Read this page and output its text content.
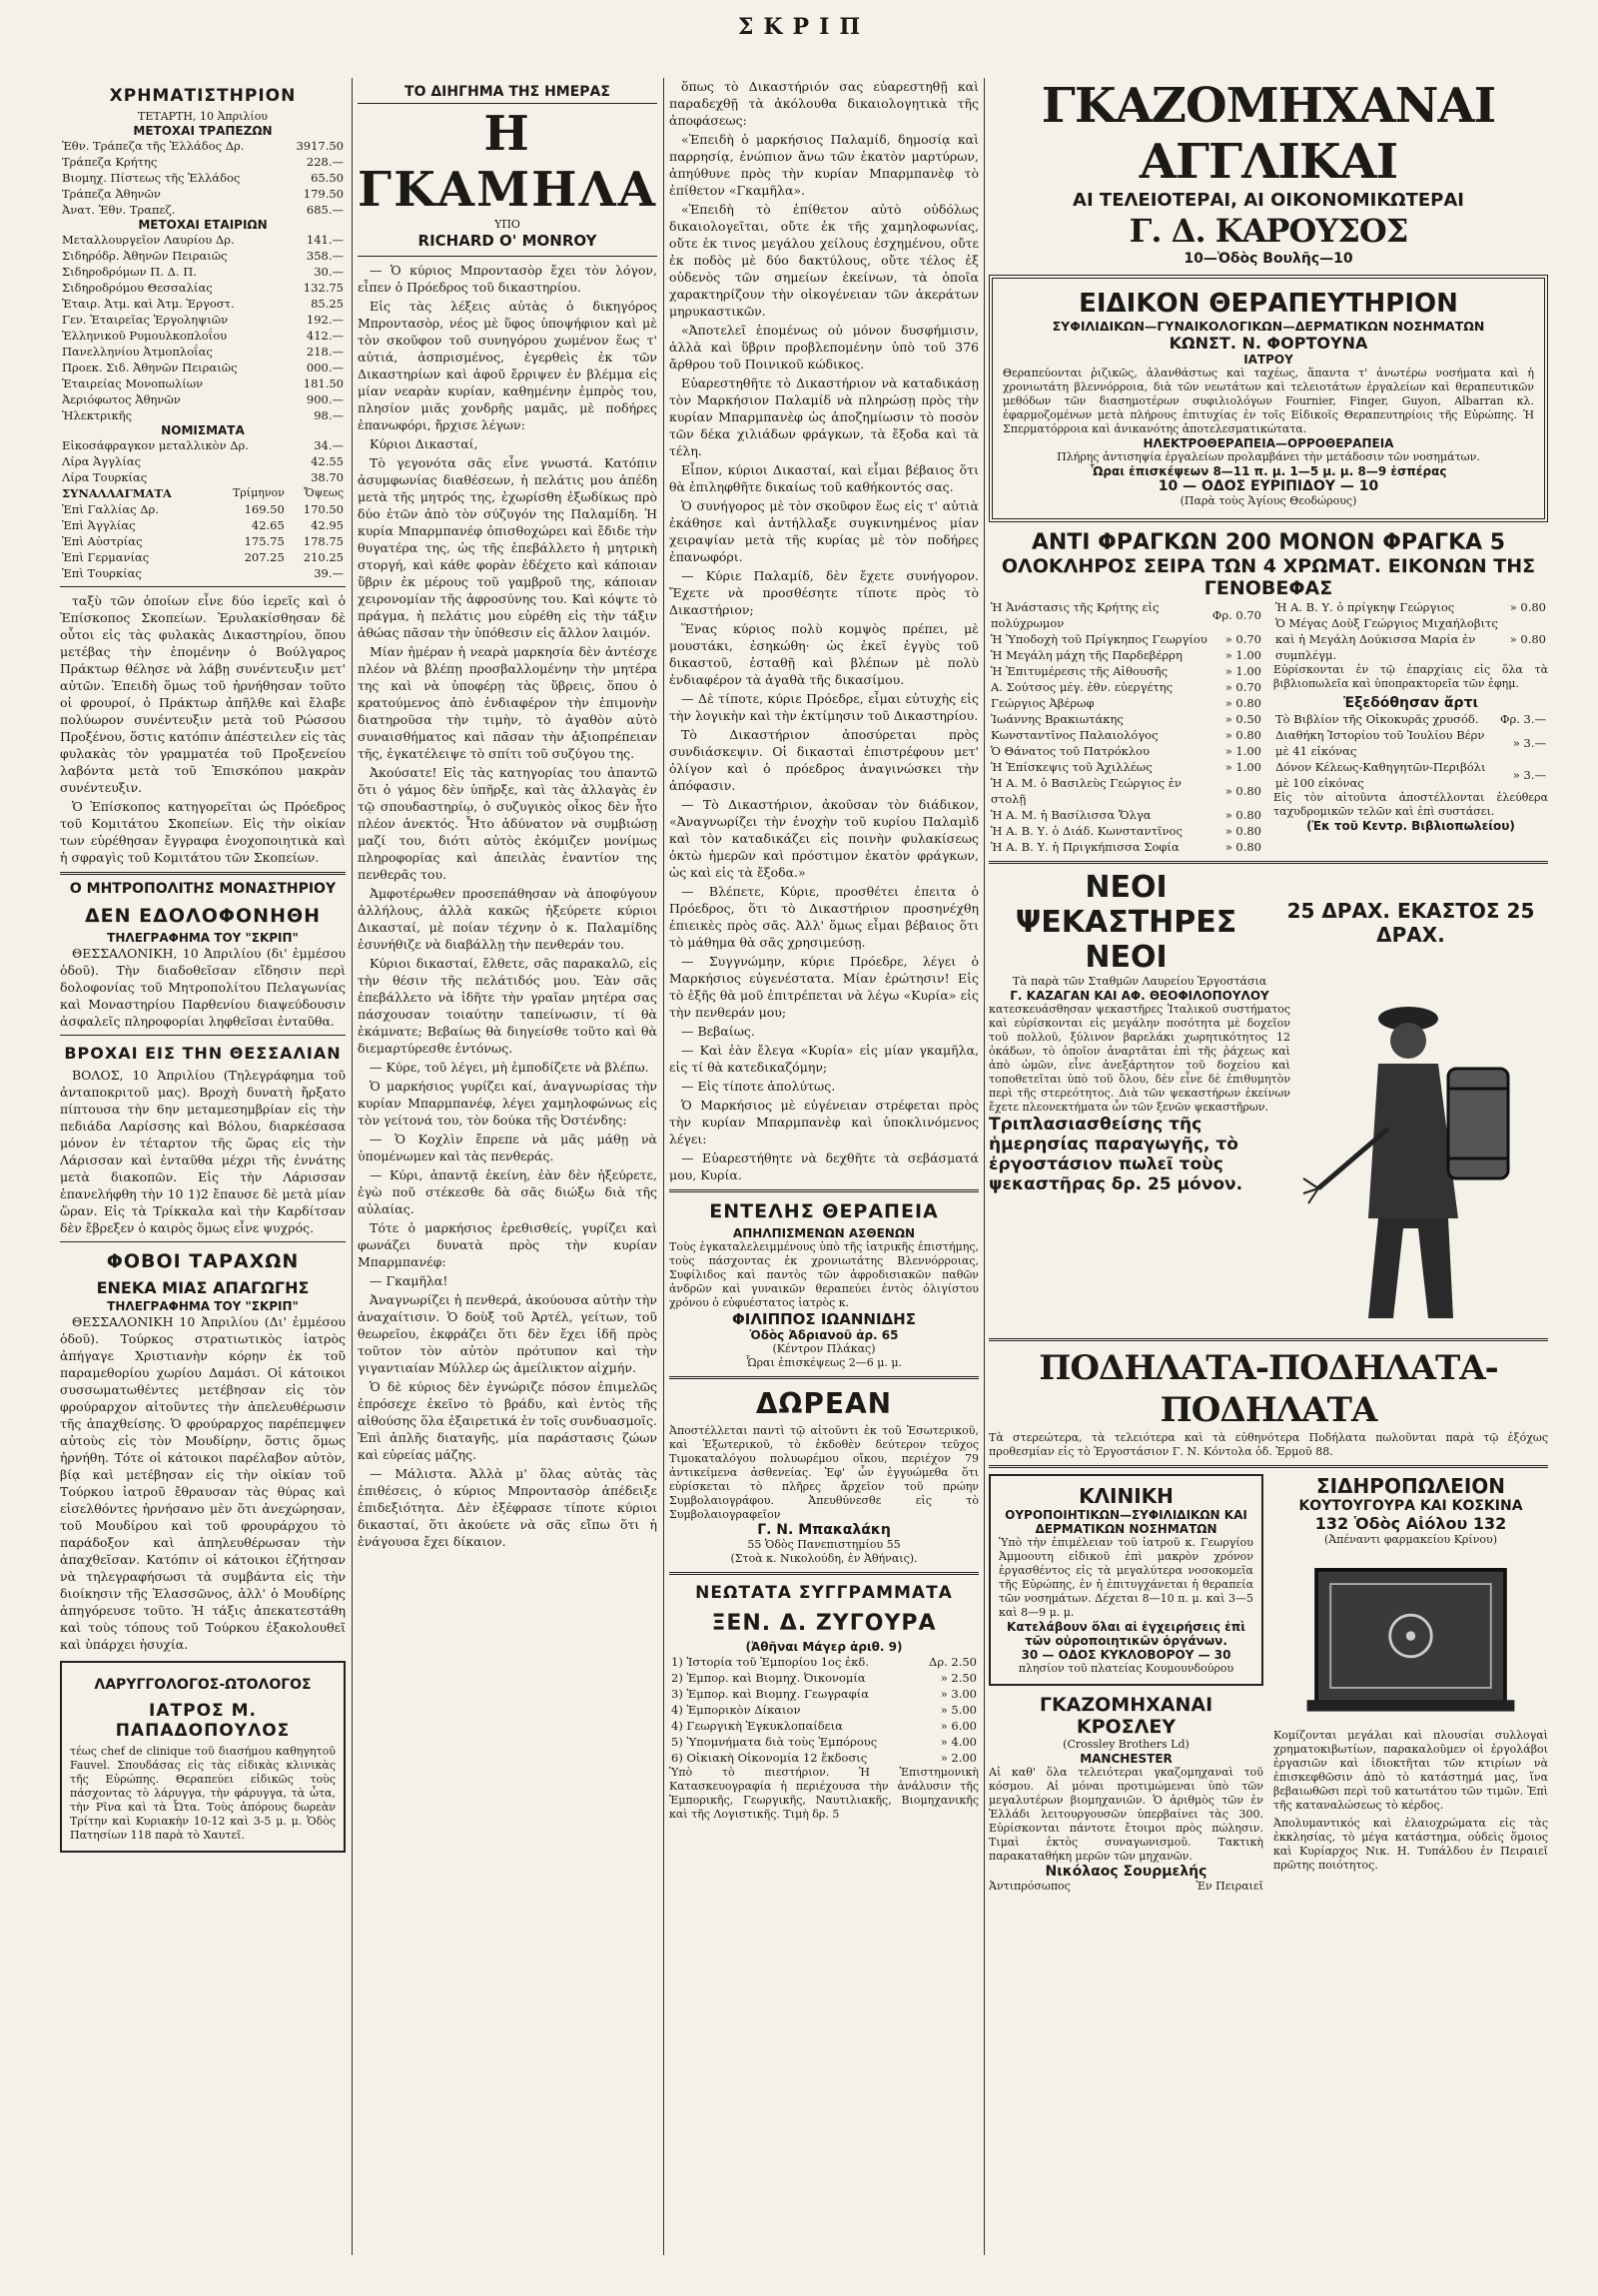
ΣΚΡΙΠ
ΧΡΗΜΑΤΙΣΤΗΡΙΟΝ
ΤΕΤΑΡΤΗ, 10 Ἀπριλίου
ΜΕΤΟΧΑΙ ΤΡΑΠΕΖΩΝ
Ἐθν. Τράπεζα τῆς Ἑλλάδος Δρ.	3917.50
Τράπεζα Κρήτης	228.—
Βιομηχ. Πίστεως τῆς Ἑλλάδος	65.50
Τράπεζα Ἀθηνῶν	179.50
Ἀνατ. Ἐθν. Τραπεζ.	685.—
ΜΕΤΟΧΑΙ ΕΤΑΙΡΙΩΝ
Μεταλλουργεῖον Λαυρίου Δρ.	141.—
Σιδηρόδρ. Ἀθηνῶν Πειραιῶς	358.—
Σιδηροδρόμων Π. Δ. Π.	30.—
Σιδηροδρόμου Θεσσαλίας	132.75
Ἑταιρ. Ἀτμ. καὶ Ἀτμ. Ἐργοστ.	85.25
Γεν. Ἑταιρεῖας Ἐργοληψιῶν	192.—
Ἑλληνικοῦ Ρυμουλκοπλοΐου	412.—
Πανελληνίου Ἀτμοπλοΐας	218.—
Προεκ. Σιδ. Ἀθηνῶν Πειραιῶς	000.—
Ἑταιρείας Μονοπωλίων	181.50
Ἀεριόφωτος Ἀθηνῶν	900.—
Ἠλεκτρικῆς	98.—
ΝΟΜΙΣΜΑΤΑ
Εἰκοσάφραγκον μεταλλικὸν Δρ.	34.—
Λίρα Ἀγγλίας	42.55
Λίρα Τουρκίας	38.70
ΣΥΝΑΛΛΑΓΜΑΤΑ	Τρίμηνον	Ὄψεως
Ἐπὶ Γαλλίας Δρ.	169.50	170.50
Ἐπὶ Ἀγγλίας	42.65	42.95
Ἐπὶ Αὐστρίας	175.75	178.75
Ἐπὶ Γερμανίας	207.25	210.25
Ἐπὶ Τουρκίας		39.—

ταξὺ τῶν ὁποίων εἶνε δύο ἱερεῖς καὶ ὁ Ἐπίσκοπος Σκοπείων. Ἐρυλακίσθησαν δὲ οὗτοι εἰς τὰς φυλακὰς Δικαστηρίου, ὅπου μετέβας τὴν ἑπομένην ὁ Βούλγαρος Πράκτωρ θέλησε νὰ λάβῃ συνέντευξιν μετ' αὐτῶν. Ἐπειδὴ ὅμως τοῦ ἠρνήθησαν τοῦτο οἱ φρουροί, ὁ Πράκτωρ ἀπῆλθε καὶ ἔλαβε πολύωρον συνέντευξιν μετὰ τοῦ Ρώσσου Προξένου, ὅστις κατόπιν ἀπέστειλεν εἰς τὰς φυλακὰς τὸν γραμματέα τοῦ Προξενείου λαβόντα μετὰ τοῦ Ἐπισκόπου μακρὰν συνέντευξιν.

Ὁ Ἐπίσκοπος κατηγορεῖται ὡς Πρόεδρος τοῦ Κομιτάτου Σκοπείων. Εἰς τὴν οἰκίαν των εὑρέθησαν ἔγγραφα ἐνοχοποιητικὰ καὶ ἡ σφραγὶς τοῦ Κομιτάτου τῶν Σκοπείων.

Ο ΜΗΤΡΟΠΟΛΙΤΗΣ ΜΟΝΑΣΤΗΡΙΟΥ
ΔΕΝ ΕΔΟΛΟΦΟΝΗΘΗ
ΤΗΛΕΓΡΑΦΗΜΑ ΤΟΥ "ΣΚΡΙΠ"

ΘΕΣΣΑΛΟΝΙΚΗ, 10 Ἀπριλίου (δι' ἐμμέσου ὁδοῦ). Τὴν διαδοθεῖσαν εἴδησιν περὶ δολοφονίας τοῦ Μητροπολίτου Πελαγωνίας καὶ Μοναστηρίου Παρθενίου διαψεύδουσιν ἀσφαλεῖς πληροφορίαι ληφθεῖσαι ἐνταῦθα.

ΒΡΟΧΑΙ ΕΙΣ ΤΗΝ ΘΕΣΣΑΛΙΑΝ

ΒΟΛΟΣ, 10 Ἀπριλίου (Τηλεγράφημα τοῦ ἀνταποκριτοῦ μας). Βροχὴ δυνατὴ ἤρξατο πίπτουσα τὴν 6ην μεταμεσημβρίαν εἰς τὴν πεδιάδα Λαρίσσης καὶ Βόλου, διαρκέσασα μόνον ἐν τέταρτον τῆς ὥρας εἰς τὴν Λάρισσαν καὶ ἐνταῦθα μέχρι τῆς ἐννάτης μετὰ διακοπῶν. Εἰς τὴν Λάρισσαν ἐπανελήφθη τὴν 10 1)2 ἔπαυσε δὲ μετὰ μίαν ὥραν. Εἰς τὰ Τρίκκαλα καὶ τὴν Καρδίτσαν δὲν ἔβρεξεν ὁ καιρὸς ὅμως εἶνε ψυχρός.

ΦΟΒΟΙ ΤΑΡΑΧΩΝ
ΕΝΕΚΑ ΜΙΑΣ ΑΠΑΓΩΓΗΣ
ΤΗΛΕΓΡΑΦΗΜΑ ΤΟΥ "ΣΚΡΙΠ"

ΘΕΣΣΑΛΟΝΙΚΗ 10 Ἀπριλίου (Δι' ἐμμέσου ὁδοῦ). Τούρκος στρατιωτικὸς ἰατρὸς ἀπήγαγε Χριστιανὴν κόρην ἐκ τοῦ παραμεθορίου χωρίου Δαμάσι. Οἱ κάτοικοι συσσωματωθέντες μετέβησαν εἰς τὸν φρούραρχον αἰτοῦντες τὴν ἀπελευθέρωσιν τῆς ἀπαχθείσης. Ὁ φρούραρχος παρέπεμψεν αὐτοὺς εἰς τὸν Μουδίρην, ὅστις ὅμως ἠρνήθη. Τότε οἱ κάτοικοι παρέλαβον αὐτὸν, βίᾳ καὶ μετέβησαν εἰς τὴν οἰκίαν τοῦ Τούρκου ἰατροῦ ἔθραυσαν τὰς θύρας καὶ εἰσελθόντες ἠρνήσανο μὲν ὅτι ἀνεχώρησαν, τοῦ Μουδίρου καὶ τοῦ φρουράρχου τὸ παράδοξον καὶ ἀπηλευθέρωσαν τὴν ἀπαχθεῖσαν. Κατόπιν οἱ κάτοικοι ἐζήτησαν νὰ τηλεγραφήσωσι τὰ συμβάντα εἰς τὴν διοίκησιν τῆς Ἑλασσῶνος, ἀλλ' ὁ Μουδίρης ἀπηγόρευσε τοῦτο. Ἡ τάξις ἀπεκατεστάθη καὶ τοὺς τόπους τοῦ Τούρκου ἐξακολουθεῖ καὶ ὑπάρχει ἡσυχία.

ΛΑΡΥΓΓΟΛΟΓΟΣ-ΩΤΟΛΟΓΟΣ
ΙΑΤΡΟΣ Μ. ΠΑΠΑΔΟΠΟΥΛΟΣ
τέως chef de clinique τοῦ διασήμου καθηγητοῦ Fauvel. Σπουδάσας εἰς τὰς εἰδικὰς κλινικὰς τῆς Εὐρώπης. Θεραπεύει εἰδικῶς τοὺς πάσχοντας τὸ λάρυγγα, τὴν φάρυγγα, τὰ ὦτα, τὴν Ρῖνα καὶ τὰ Ὦτα. Τοὺς ἀπόρους δωρεὰν Τρίτην καὶ Κυριακὴν 10-12 καὶ 3-5 μ. μ. Ὁδὸς Πατησίων 118 παρὰ τὸ Χαυτεῖ.
ΤΟ ΔΙΗΓΗΜΑ ΤΗΣ ΗΜΕΡΑΣ
Η ΓΚΑΜΗΛΑ
ΥΠΟ
RICHARD O' MONROY

— Ὁ κύριος Μπροντασὸρ ἔχει τὸν λόγον, εἶπεν ὁ Πρόεδρος τοῦ δικαστηρίου.

Εἰς τὰς λέξεις αὐτὰς ὁ δικηγόρος Μπροντασὸρ, νέος μὲ ὕφος ὑποψήφιον καὶ μὲ τὸν σκοῦφον τοῦ συνηγόρου χωμένον ἕως τ' αὐτιά, ἀσπρισμένος, ἐγερθεὶς ἐκ τῶν Δικαστηρίων καὶ ἀφοῦ ἔρριψεν ἐν βλέμμα εἰς μίαν νεαρὰν κυρίαν, καθημένην ἐμπρὸς του, πλησίον μιᾶς χονδρῆς μαμᾶς, μὲ ποδήρες ἐπανωφόρι, ἤρχισε λέγων:

Κύριοι Δικασταί,

Τὸ γεγονότα σᾶς εἶνε γνωστά. Κατόπιν ἀσυμφωνίας διαθέσεων, ἡ πελάτις μου ἀπέδη μετὰ τῆς μητρός της, ἐχωρίσθη ἐξωδίκως πρὸ δύο ἐτῶν ἀπὸ τὸν σύζυγόν της Παλαμίδη. Ἡ κυρία Μπαρμπανέφ ὀπισθοχώρει καὶ ἔδιδε τὴν θυγατέρα της, ὡς τῆς ἐπεβάλλετο ἡ μητρικὴ στοργή, καὶ κάθε φορὰν ἐδέχετο καὶ κάποιαν ὕβριν ἐκ μέρους τοῦ γαμβροῦ της, κάποιαν χειρονομίαν τῆς ἀφροσύνης του. Καὶ κόψτε τὸ πράγμα, ἡ πελάτις μου εὑρέθη εἰς τὴν τάξιν ἀθώας πᾶσαν τὴν ὑπόθεσιν εἰς ἄλλον λαιμόν.

Μίαν ἡμέραν ἡ νεαρὰ μαρκησία δὲν ἀντέσχε πλέον νὰ βλέπῃ προσβαλλομένην τὴν μητέρα της καὶ νὰ ὑποφέρῃ τὰς ὕβρεις, ὅπου ὁ κρατούμενος ἀπὸ ἐνδιαφέρον τὴν ἐπιμονὴν διατηροῦσα τὴν τιμὴν, τὸ ἀγαθὸν αὐτὸ συναισθήματος καὶ πᾶσαν τὴν ἀξιοπρέπειαν τῆς, ἐγκατέλειψε τὸ σπίτι τοῦ συζύγου της.

Ἀκούσατε! Εἰς τὰς κατηγορίας του ἀπαντῶ ὅτι ὁ γάμος δὲν ὑπῆρξε, καὶ τὰς ἀλλαγὰς ἐν τῷ σπουδαστηρίῳ, ὁ συζυγικὸς οἶκος δὲν ἦτο πλέον ἀνεκτός. Ἦτο ἀδύνατον νὰ συμβιώσῃ μαζί του, διότι αὐτὸς ἐκόμιζεν μονίμως πληροφορίας καὶ ἀπειλὰς ἐναντίον της πενθερᾶς του.

Ἀμφοτέρωθεν προσεπάθησαν νὰ ἀποφύγουν ἀλλήλους, ἀλλὰ κακῶς ἠξεύρετε κύριοι Δικασταί, μὲ ποίαν τέχνην ὁ κ. Παλαμίδης ἐσυνήθιζε νὰ διαβάλλῃ τὴν πενθεράν του.

Κύριοι δικασταί, ἔλθετε, σᾶς παρακαλῶ, εἰς τὴν θέσιν τῆς πελάτιδός μου. Ἐὰν σᾶς ἐπεβάλλετο νὰ ἰδῆτε τὴν γραῖαν μητέρα σας πάσχουσαν τοιαύτην ταπείνωσιν, τί θὰ ἐκάμνατε; Βεβαίως θὰ διηγείσθε τοῦτο καὶ θὰ διεμαρτύρεσθε ἐντόνως.

— Κύρε, τοῦ λέγει, μὴ ἐμποδίζετε νὰ βλέπω.

Ὁ μαρκήσιος γυρίζει καί, ἀναγνωρίσας τὴν κυρίαν Μπαρμπανέφ, λέγει χαμηλοφώνως εἰς τὸν γείτονά του, τὸν δούκα τῆς Ὀστένδης:

— Ὁ Κοχλὶν ἔπρεπε νὰ μᾶς μάθῃ νὰ ὑπομένωμεν καὶ τὰς πενθεράς.

— Κύρι, ἀπαντᾷ ἐκείνη, ἐὰν δὲν ἠξεύρετε, ἐγὼ ποῦ στέκεσθε δὰ σᾶς διώξω διὰ τῆς αὐλαίας.

Τότε ὁ μαρκήσιος ἐρεθισθείς, γυρίζει καὶ φωνάζει δυνατὰ πρὸς τὴν κυρίαν Μπαρμπανέφ:

— Γκαμῆλα!

Ἀναγνωρίζει ἡ πενθερά, ἀκούουσα αὐτὴν τὴν ἀναχαίτισιν. Ὁ δοὺξ τοῦ Ἀρτέλ, γείτων, τοῦ θεωρεῖου, ἐκφράζει ὅτι δὲν ἔχει ἰδῆ πρὸς τοῦτον τὸν αὐτὸν πρότυπον καὶ τὴν γιγαντιαίαν Μύλλερ ὡς ἀμείλικτον αἰχμήν.

Ὁ δὲ κύριος δὲν ἐγνώριζε πόσον ἐπιμελῶς ἐπρόσεχε ἐκεῖνο τὸ βράδυ, καὶ ἐντὸς τῆς αἰθούσης ὅλα ἐξαιρετικά ἐν τοῖς συνδυασμοῖς. Ἐπὶ ἀπλῆς διαταγῆς, μία παράστασις ζώων καὶ εὐρείας μάζης.

— Μάλιστα. Ἀλλὰ μ' ὅλας αὐτὰς τὰς ἐπιθέσεις, ὁ κύριος Μπροντασὸρ ἀπέδειξε ἐπιδεξιότητα. Δὲν ἐξέφρασε τίποτε κύριοι δικασταί, ὅτι ἀκούετε νὰ σᾶς εἴπω ὅτι ἡ ἐνάγουσα ἔχει δίκαιον.

ὅπως τὸ Δικαστήριόν σας εὐαρεστηθῇ καὶ παραδεχθῇ τὰ ἀκόλουθα δικαιολογητικὰ τῆς ἀποφάσεως:

«Ἐπειδὴ ὁ μαρκήσιος Παλαμίδ, δημοσίᾳ καὶ παρρησίᾳ, ἐνώπιον ἄνω τῶν ἑκατὸν μαρτύρων, ἀπηύθυνε πρὸς τὴν κυρίαν Μπαρμπανὲφ τὸ ἐπίθετον «Γκαμῆλα».

«Ἐπειδὴ τὸ ἐπίθετον αὐτὸ οὐδόλως δικαιολογεῖται, οὔτε ἐκ τῆς χαμηλοφωνίας, οὔτε ἐκ τινος μεγάλου χείλους ἐσχημένου, οὔτε ἐκ ποδὸς μὲ δύο δακτύλους, οὔτε τέλος ἐξ οὐδενὸς τῶν σημείων ἐκείνων, τὰ ὁποῖα χαρακτηρίζουν τὴν οἰκογένειαν τῶν ἀκεράτων μηρυκαστικῶν.

«Ἀποτελεῖ ἑπομένως οὐ μόνον δυσφήμισιν, ἀλλὰ καὶ ὕβριν προβλεπομένην ὑπὸ τοῦ 376 ἄρθρου τοῦ Ποινικοῦ κώδικος.

Εὐαρεστηθῆτε τὸ Δικαστήριον νὰ καταδικάσῃ τὸν Μαρκήσιον Παλαμίδ νὰ πληρώσῃ πρὸς τὴν κυρίαν Μπαρμπανὲφ ὡς ἀποζημίωσιν τὸ ποσὸν τῶν δέκα χιλιάδων φράγκων, τὰ ἔξοδα καὶ τὰ τέλη.

Εἶπον, κύριοι Δικασταί, καὶ εἶμαι βέβαιος ὅτι θὰ ἐπιληφθῆτε δικαίως τοῦ καθήκοντός σας.

Ὁ συνήγορος μὲ τὸν σκοῦφον ἕως εἰς τ' αὐτιὰ ἐκάθησε καὶ ἀντήλλαξε συγκινημένος μίαν χειραψίαν μετὰ τῆς κυρίας μὲ τὸν ποδήρες ἐπανωφόρι.

— Κύριε Παλαμίδ, δὲν ἔχετε συνήγορον. Ἔχετε νὰ προσθέσητε τίποτε πρὸς τὸ Δικαστήριον;

Ἕνας κύριος πολὺ κομψὸς πρέπει, μὲ μουστάκι, ἐσηκώθη· ὡς ἐκεῖ ἐγγὺς τοῦ δικαστοῦ, ἐσταθῇ καὶ βλέπων μὲ πολὺ ἐνδιαφέρον τὰ ἀγαθὰ τῆς δικασίμου.

— Δὲ τίποτε, κύριε Πρόεδρε, εἶμαι εὐτυχὴς εἰς τὴν λογικὴν καὶ τὴν ἐκτίμησιν τοῦ Δικαστηρίου.

Τὸ Δικαστήριον ἀποσύρεται πρὸς συνδιάσκεψιν. Οἱ δικασταὶ ἐπιστρέφουν μετ' ὀλίγον καὶ ὁ πρόεδρος ἀναγινώσκει τὴν ἀπόφασιν.

— Τὸ Δικαστήριον, ἀκοῦσαν τὸν διάδικον, «Ἀναγνωρίζει τὴν ἐνοχὴν τοῦ κυρίου Παλαμὶδ καὶ τὸν καταδικάζει εἰς ποινὴν φυλακίσεως ὀκτὼ ἡμερῶν καὶ πρόστιμον ἑκατὸν φράγκων, ὡς καὶ εἰς τὰ ἔξοδα.»

— Βλέπετε, Κύριε, προσθέτει ἐπειτα ὁ Πρόεδρος, ὅτι τὸ Δικαστήριον προσηνέχθη ἐπιεικὲς πρὸς σᾶς. Ἀλλ' ὅμως εἶμαι βέβαιος ὅτι τὸ μάθημα θὰ σᾶς χρησιμεύσῃ.

— Συγγνώμην, κύριε Πρόεδρε, λέγει ὁ Μαρκήσιος εὐγενέστατα. Μίαν ἐρώτησιν! Εἰς τὸ ἑξῆς θὰ μοῦ ἐπιτρέπεται νὰ λέγω «Κυρία» εἰς τὴν πενθεράν μου;

— Βεβαίως.

— Καὶ ἐὰν ἔλεγα «Κυρία» εἰς μίαν γκαμῆλα, εἰς τί θὰ κατεδικαζόμην;

— Εἰς τίποτε ἀπολύτως.

Ὁ Μαρκήσιος μὲ εὐγένειαν στρέφεται πρὸς τὴν κυρίαν Μπαρμπανὲφ καὶ ὑποκλινόμενος λέγει:

— Εὐαρεστήθητε νὰ δεχθῆτε τὰ σεβάσματά μου, Κυρία.

ΕΝΤΕΛΗΣ ΘΕΡΑΠΕΙΑ
ΑΠΗΛΠΙΣΜΕΝΩΝ ΑΣΘΕΝΩΝ
Τοὺς ἐγκαταλελειμμένους ὑπὸ τῆς ἰατρικῆς ἐπιστήμης, τοὺς πάσχοντας ἐκ χρονιωτάτης Βλεννόρροιας, Συφίλιδος καὶ παντὸς τῶν ἀφροδισιακῶν παθῶν ἀνδρῶν καὶ γυναικῶν θεραπεύει ἐντὸς ὀλιγίστου χρόνου ὁ εὐφυέστατος ἰατρὸς κ.
ΦΙΛΙΠΠΟΣ ΙΩΑΝΝΙΔΗΣ
Ὁδὸς Ἀδριανοῦ ἀρ. 65
(Κέντρον Πλάκας)
Ὧραι ἐπισκέψεως 2—6 μ. μ.
ΔΩΡΕΑΝ
Ἀποστέλλεται παντὶ τῷ αἰτοῦντι ἐκ τοῦ Ἐσωτερικοῦ, καὶ Ἐξωτερικοῦ, τὸ ἐκδοθὲν δεύτερον τεῦχος Τιμοκαταλόγου πολυωρέμου οἴκου, περιέχον 79 ἀντικείμενα ἀσθενείας. Ἐφ' ὧν ἐγγυώμεθα ὅτι εὑρίσκεται τὸ πλῆρες ἄρχεῖον τοῦ πρώην Συμβολαιογράφου. Ἀπευθύνεσθε εἰς τὸ Συμβολαιογραφεῖον
Γ. Ν. Μπακαλάκη
55 Ὁδὸς Πανεπιστημίου 55
(Στοὰ κ. Νικολούδη, ἐν Ἀθήναις).
ΝΕΩΤΑΤΑ ΣΥΓΓΡΑΜΜΑΤΑ
ΞΕΝ. Δ. ΖΥΓΟΥΡΑ
(Ἀθῆναι Μάγερ ἀριθ. 9)
1) Ἱστορία τοῦ Ἐμπορίου 1ος ἐκδ.	Δρ. 2.50
2) Ἐμπορ. καὶ Βιομηχ. Ὀικονομία	» 2.50
3) Ἐμπορ. καὶ Βιομηχ. Γεωγραφία	» 3.00
4) Ἐμπορικὸν Δίκαιον	» 5.00
4) Γεωργικὴ Ἐγκυκλοπαίδεια	» 6.00
5) Ὑπομνήματα διὰ τοὺς Ἐμπόρους	» 4.00
6) Οἰκιακὴ Οἰκονομία 12 ἔκδοσις	» 2.00
Ὑπὸ τὸ πιεστήριον. Ἡ Ἐπιστημονικὴ Κατασκευογραφία ἡ περιέχουσα τὴν ἀνάλυσιν τῆς Ἐμπορικῆς, Γεωργικῆς, Ναυτιλιακῆς, Βιομηχανικῆς καὶ τῆς Λογιστικῆς. Τιμὴ δρ. 5
ΓΚΑΖΟΜΗΧΑΝΑΙ ΑΓΓΛΙΚΑΙ
ΑΙ ΤΕΛΕΙΟΤΕΡΑΙ, ΑΙ ΟΙΚΟΝΟΜΙΚΩΤΕΡΑΙ
Γ. Δ. ΚΑΡΟΥΣΟΣ
10—Ὁδὸς Βουλῆς—10
ΕΙΔΙΚΟΝ ΘΕΡΑΠΕΥΤΗΡΙΟΝ
ΣΥΦΙΛΙΔΙΚΩΝ—ΓΥΝΑΙΚΟΛΟΓΙΚΩΝ—ΔΕΡΜΑΤΙΚΩΝ ΝΟΣΗΜΑΤΩΝ
ΚΩΝΣΤ. Ν. ΦΟΡΤΟΥΝΑ
ΙΑΤΡΟΥ
Θεραπεύονται ῥιζικῶς, ἀλανθάστως καὶ ταχέως, ἅπαντα τ' ἀνωτέρω νοσήματα καὶ ἡ χρονιωτάτη βλεννόρροια, διὰ τῶν νεωτάτων καὶ τελειοτάτων ἐργαλείων καὶ θεραπευτικῶν μεθόδων τῶν διασημοτέρων συφιλιολόγων Fournier, Finger, Guyon, Albarran κλ. ἐφαρμοζομένων μετὰ πλήρους ἐπιτυχίας ἐν τοῖς Εἰδικοῖς Θεραπευτηρίοις τῆς Εὐρώπης. Ἡ Σπερματόρροια καὶ ἀνικανότης ἀποτελεσματικώτατα.
ΗΛΕΚΤΡΟΘΕΡΑΠΕΙΑ—ΟΡΡΟΘΕΡΑΠΕΙΑ
Πλήρης ἀντισηψία ἐργαλείων προλαμβάνει τὴν μετάδοσιν τῶν νοσημάτων.
Ὧραι ἐπισκέψεων 8—11 π. μ. 1—5 μ. μ. 8—9 ἑσπέρας
10 — ΟΔΟΣ ΕΥΡΙΠΙΔΟΥ — 10
(Παρὰ τοὺς Ἁγίους Θεοδώρους)
ΑΝΤΙ ΦΡΑΓΚΩΝ 200 ΜΟΝΟΝ ΦΡΑΓΚΑ 5
ΟΛΟΚΛΗΡΟΣ ΣΕΙΡΑ ΤΩΝ 4 ΧΡΩΜΑΤ. ΕΙΚΟΝΩΝ ΤΗΣ ΓΕΝΟΒΕΦΑΣ
Ἡ Ἀνάστασις τῆς Κρήτης εἰς πολύχρωμον	Φρ. 0.70
Ἡ Ὑποδοχὴ τοῦ Πρίγκηπος Γεωργίου	» 0.70
Ἡ Μεγάλη μάχη τῆς Παρδεβέρρη	» 1.00
Ἡ Ἐπιτυμέρεσις τῆς Αἰθουσῆς	» 1.00
Α. Σούτσος μέγ. ἐθν. εὐεργέτης	» 0.70
Γεώργιος Ἀβέρωφ	» 0.80
Ἰωάννης Βρακιωτάκης	» 0.50
Κωνσταντῖνος Παλαιολόγος	» 0.80
Ὁ Θάνατος τοῦ Πατρόκλου	» 1.00
Ἡ Ἐπίσκεψις τοῦ Ἀχιλλέως	» 1.00
Ἡ Α. Μ. ὁ Βασιλεὺς Γεώργιος ἐν στολῇ	» 0.80
Ἡ Α. Μ. ἡ Βασίλισσα Ὄλγα	» 0.80
Ἡ Α. Β. Υ. ὁ Διάδ. Κωνσταντῖνος	» 0.80
Ἡ Α. Β. Υ. ἡ Πριγκήπισσα Σοφία	» 0.80
Ἡ Α. Β. Υ. ὁ πρίγκηψ Γεώργιος	» 0.80
Ὁ Μέγας Δοὺξ Γεώργιος Μιχαήλοβιτς καὶ ἡ Μεγάλη Δούκισσα Μαρία ἐν συμπλέγμ.	» 0.80
Εὑρίσκονται ἐν τῷ ἐπαρχίαις εἰς ὅλα τὰ βιβλιοπωλεῖα καὶ ὑποπρακτορεῖα τῶν ἐφημ.
Ἐξεδόθησαν ἄρτι
Τὸ Βιβλίον τῆς Οἰκοκυρᾶς χρυσόδ.	Φρ. 3.—
Διαθήκη Ἱστορίου τοῦ Ἰουλίου Βέρν μὲ 41 εἰκόνας	» 3.—
Δόνον Κέλεως-Καθηγητῶν-Περιβόλι μὲ 100 εἰκόνας	» 3.—
Εἰς τὸν αἰτοῦντα ἀποστέλλονται ἐλεύθερα ταχυδρομικῶν τελῶν καὶ ἐπὶ συστάσει.
(Ἐκ τοῦ Κεντρ. Βιβλιοπωλείου)
ΝΕΟΙ ΨΕΚΑΣΤΗΡΕΣ ΝΕΟΙ
25 ΔΡΑΧ. ΕΚΑΣΤΟΣ 25 ΔΡΑΧ.
Τὰ παρὰ τῶν Σταθμῶν Λαυρείου Ἐργοστάσια
Γ. ΚΑΖΑΓΑΝ ΚΑΙ ΑΦ. ΘΕΟΦΙΛΟΠΟΥΛΟΥ
κατεσκευάσθησαν ψεκαστῆρες Ἰταλικοῦ συστήματος καὶ εὑρίσκονται εἰς μεγάλην ποσότητα μὲ δοχεῖον τοῦ πολλοῦ, ξύλινον βαρελάκι χωρητικότητος 12 ὀκάδων, τὸ ὁποῖον ἀναρτᾶται ἐπὶ τῆς ῥάχεως καὶ ἀπὸ ὠμῶν, εἶνε ἀνεξάρτητον τοῦ δοχείου καὶ τοποθετεῖται ὑπὸ τοῦ ὅλου, δὲν εἶνε δὲ ἐπιθυμητὸν περὶ τῆς στερεότητος. Διὰ τῶν ψεκαστήρων ἐκείνων ἔχετε πλεονεκτήματα ὧν τῶν ξενῶν ψεκαστῆρων.
Τριπλασιασθείσης τῆς ἡμερησίας παραγωγῆς, τὸ ἐργοστάσιον πωλεῖ τοὺς ψεκαστῆρας δρ. 25 μόνον.
ΠΟΔΗΛΑΤΑ-ΠΟΔΗΛΑΤΑ-ΠΟΔΗΛΑΤΑ
Τὰ στερεώτερα, τὰ τελειότερα καὶ τὰ εὐθηνότερα Ποδήλατα πωλοῦνται παρὰ τῷ ἐξόχως προθεσμίαν εἰς τὸ Ἐργοστάσιον Γ. Ν. Κόντολα ὁδ. Ἐρμοῦ 88.
ΚΛΙΝΙΚΗ
ΟΥΡΟΠΟΙΗΤΙΚΩΝ—ΣΥΦΙΛΙΔΙΚΩΝ ΚΑΙ ΔΕΡΜΑΤΙΚΩΝ ΝΟΣΗΜΑΤΩΝ
Ὑπὸ τὴν ἐπιμέλειαν τοῦ ἰατροῦ κ. Γεωργίου Ἀμμοουτη εἰδικοῦ ἐπὶ μακρὸν χρόνον ἐργασθέντος εἰς τὰ μεγαλύτερα νοσοκομεῖα τῆς Εὐρώπης, ἐν ἡ ἐπιτυγχάνεται ἡ θεραπεία τῶν νοσημάτων. Δέχεται 8—10 π. μ. καὶ 3—5 καὶ 8—9 μ. μ.
Κατελάβουν ὅλαι αἱ ἐγχειρήσεις ἐπὶ τῶν οὐροποιητικῶν ὀργάνων.
30 — ΟΔΟΣ ΚΥΚΛΟΒΟΡΟΥ — 30
πλησίον τοῦ πλατείας Κουμουνδούρου
ΓΚΑΖΟΜΗΧΑΝΑΙ ΚΡΟΣΛΕΥ
(Crossley Brothers Ld)
MANCHESTER
Αἱ καθ' ὅλα τελειότεραι γκαζομηχαναὶ τοῦ κόσμου. Αἱ μόναι προτιμώμεναι ὑπὸ τῶν μεγαλυτέρων βιομηχανιῶν. Ὁ ἀριθμὸς τῶν ἐν Ἑλλάδι λειτουργουσῶν ὑπερβαίνει τὰς 300. Εὑρίσκονται πάντοτε ἔτοιμοι πρὸς πώλησιν. Τιμαὶ ἐκτὸς συναγωνισμοῦ. Τακτικὴ παρακαταθήκη μερῶν τῶν μηχανῶν.
Νικόλαος Σουρμελής
Ἀντιπρόσωπος	Ἐν Πειραιεῖ
ΣΙΔΗΡΟΠΩΛΕΙΟΝ
ΚΟΥΤΟΥΓΟΥΡΑ ΚΑΙ ΚΟΣΚΙΝΑ
132 Ὁδὸς Αἰόλου 132
(Ἀπέναντι φαρμακείου Κρίνου)
Κομίζονται μεγάλαι καὶ πλουσίαι συλλογαὶ χρηματοκιβωτίων, παρακαλοῦμεν οἱ ἐργολάβοι ἐργασιῶν καὶ ἰδιοκτῆται τῶν κτιρίων νὰ ἐπισκεφθῶσιν ἀπὸ τὸ κατάστημά μας, ἵνα βεβαιωθῶσι περὶ τοῦ κατωτάτου τῶν τιμῶν. Ἐπὶ τῆς καταναλώσεως τὸ κέρδος.
Ἀπολυμαντικός καὶ ἐλαιοχρώματα εἰς τὰς ἐκκλησίας, τὸ μέγα κατάστημα, οὐδεὶς ὅμοιος καὶ Κυρίαρχος Νικ. Η. Τυπάλδου ἐν Πειραιεῖ πρῶτης ποιότητος.
